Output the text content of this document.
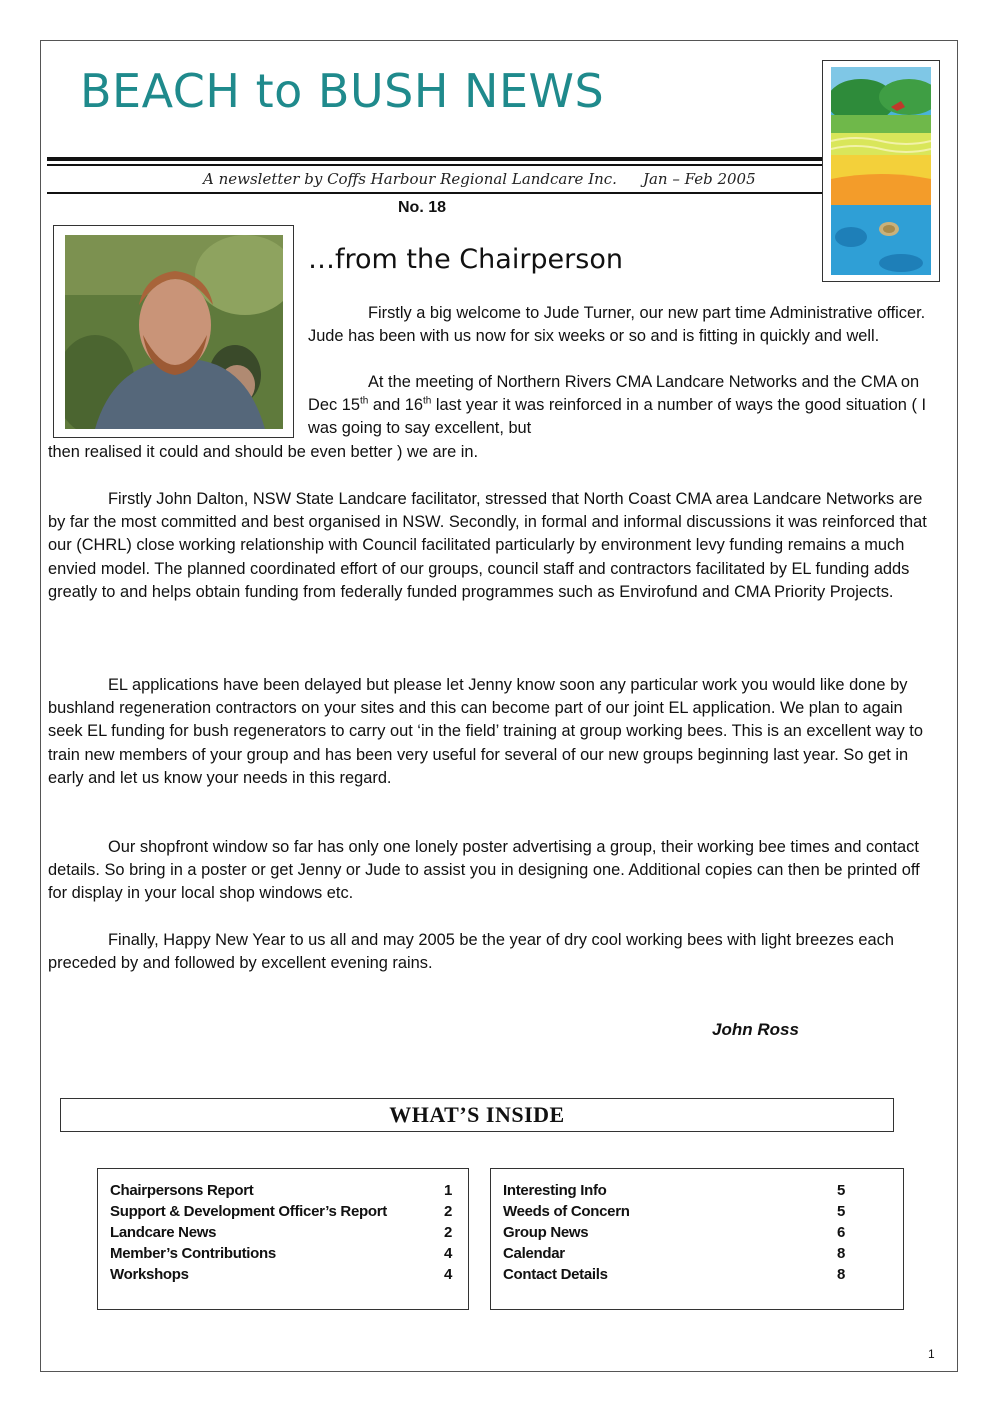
BEACH to BUSH NEWS
A newsletter by Coffs Harbour Regional Landcare Inc. Jan – Feb 2005
No. 18
…from the Chairperson
Firstly a big welcome to Jude Turner, our new part time Administrative officer. Jude has been with us now for six weeks or so and is fitting in quickly and well.
At the meeting of Northern Rivers CMA Landcare Networks and the CMA on Dec 15th and 16th last year it was reinforced in a number of ways the good situation ( I was going to say excellent, but
then realised it could and should be even better ) we are in.
Firstly John Dalton, NSW State Landcare facilitator, stressed that North Coast CMA area Landcare Networks are by far the most committed and best organised in NSW. Secondly, in formal and informal discussions it was reinforced that our (CHRL) close working relationship with Council facilitated particularly by environment levy funding remains a much envied model. The planned coordinated effort of our groups, council staff and contractors facilitated by EL funding adds greatly to and helps obtain funding from federally funded programmes such as Envirofund and CMA Priority Projects.
EL applications have been delayed but please let Jenny know soon any particular work you would like done by bushland regeneration contractors on your sites and this can become part of our joint EL application. We plan to again seek EL funding for bush regenerators to carry out ‘in the field’ training at group working bees. This is an excellent way to train new members of your group and has been very useful for several of our new groups beginning last year. So get in early and let us know your needs in this regard.
Our shopfront window so far has only one lonely poster advertising a group, their working bee times and contact details. So bring in a poster or get Jenny or Jude to assist you in designing one. Additional copies can then be printed off for display in your local shop windows etc.
Finally, Happy New Year to us all and may 2005 be the year of dry cool working bees with light breezes each preceded by and followed by excellent evening rains.
John Ross
WHAT’S INSIDE
Chairpersons Report	1
Support & Development Officer’s Report	2
Landcare News	2
Member’s Contributions	4
Workshops	4
Interesting Info	5
Weeds of Concern	5
Group News	6
Calendar	8
Contact Details	8
1
